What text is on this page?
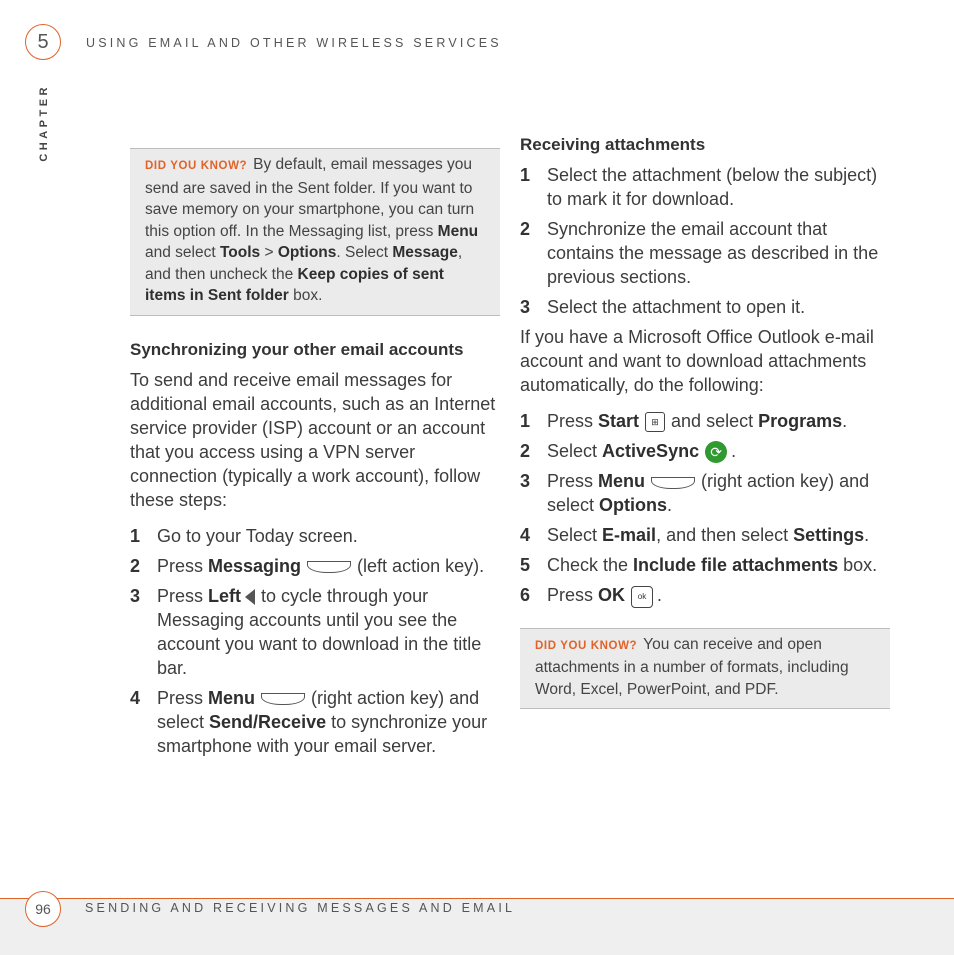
5	USING EMAIL AND OTHER WIRELESS SERVICES
CHAPTER
DID YOU KNOW? By default, email messages you send are saved in the Sent folder. If you want to save memory on your smartphone, you can turn this option off. In the Messaging list, press Menu and select Tools > Options. Select Message, and then uncheck the Keep copies of sent items in Sent folder box.
Synchronizing your other email accounts

To send and receive email messages for additional email accounts, such as an Internet service provider (ISP) account or an account that you access using a VPN server connection (typically a work account), follow these steps:

1 Go to your Today screen.
2 Press Messaging	(left action key).
3 Press Left to cycle through your Messaging accounts until you see the account you want to download in the title bar.
4 Press Menu	(right action key) and select Send/Receive to synchronize your smartphone with your email server.
Receiving attachments
1 Select the attachment (below the subject) to mark it for download.
2 Synchronize the email account that contains the message as described in the previous sections.
3 Select the attachment to open it.

If you have a Microsoft Office Outlook e-mail account and want to download attachments automatically, do the following:

1 Press Start ⊞ and select Programs.
2 Select ActiveSync ⟳ .
3 Press Menu	(right action key) and select Options.
4 Select E-mail, and then select Settings.
5 Check the Include file attachments box.
6 Press OK ok .
DID YOU KNOW? You can receive and open attachments in a number of formats, including Word, Excel, PowerPoint, and PDF.
96	SENDING AND RECEIVING MESSAGES AND EMAIL
